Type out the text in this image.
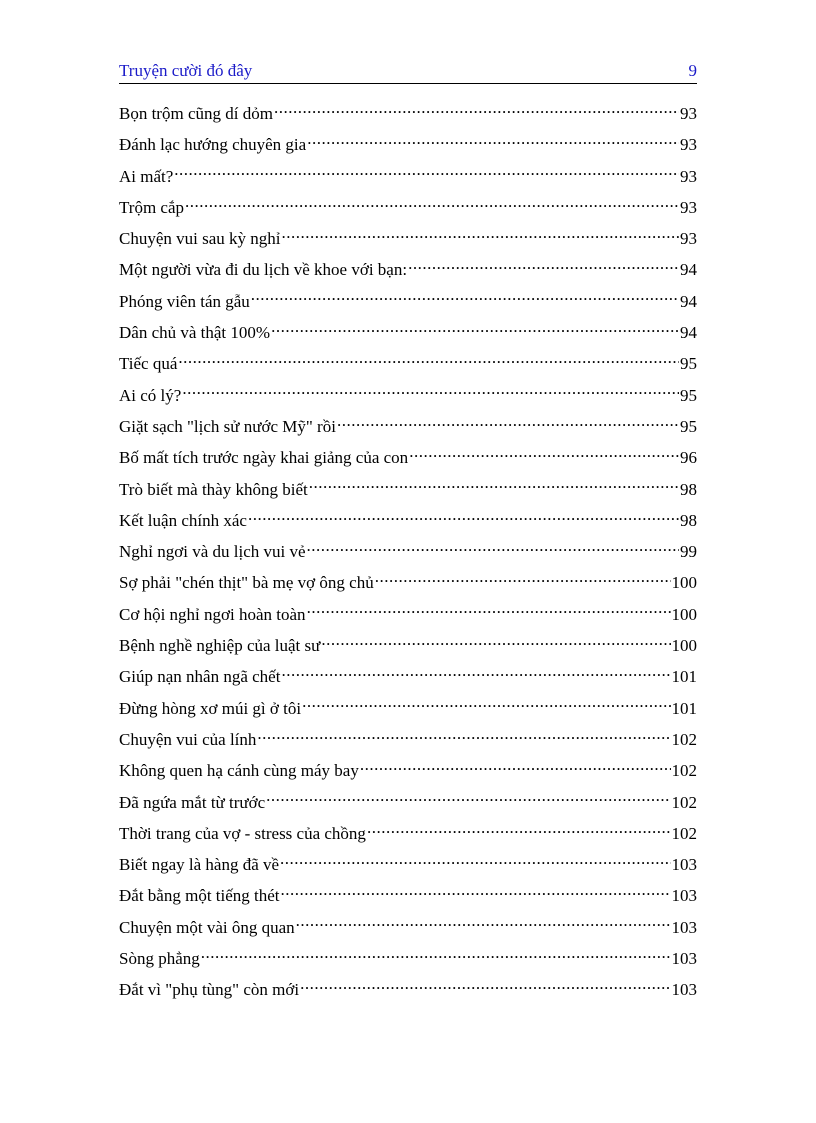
Truyện cười đó đây	9
Bọn trộm cũng dí dỏm .....	93
Đánh lạc hướng chuyên gia .....	93
Ai mất? .....	93
Trộm cắp .....	93
Chuyện vui sau kỳ nghỉ .....	93
Một người vừa đi du lịch về khoe với bạn: .....	94
Phóng viên tán gẫu .....	94
Dân chủ và thật 100% .....	94
Tiếc quá .....	95
Ai có lý? .....	95
Giặt sạch "lịch sử nước Mỹ" rồi .....	95
Bố mất tích trước ngày khai giảng của con .....	96
Trò biết mà thày không biết .....	98
Kết luận chính xác .....	98
Nghỉ ngơi và du lịch vui vẻ .....	99
Sợ phải "chén thịt" bà mẹ vợ ông chủ .....	100
Cơ hội nghỉ ngơi hoàn toàn .....	100
Bệnh nghề nghiệp của luật sư .....	100
Giúp nạn nhân ngã chết .....	101
Đừng hòng xơ múi gì ở tôi .....	101
Chuyện vui của lính .....	102
Không quen hạ cánh cùng máy bay .....	102
Đã ngứa mắt từ trước .....	102
Thời trang của vợ - stress của chồng .....	102
Biết ngay là hàng đã về .....	103
Đắt bằng một tiếng thét .....	103
Chuyện một vài ông quan .....	103
Sòng phẳng .....	103
Đắt vì "phụ tùng" còn mới .....	103
